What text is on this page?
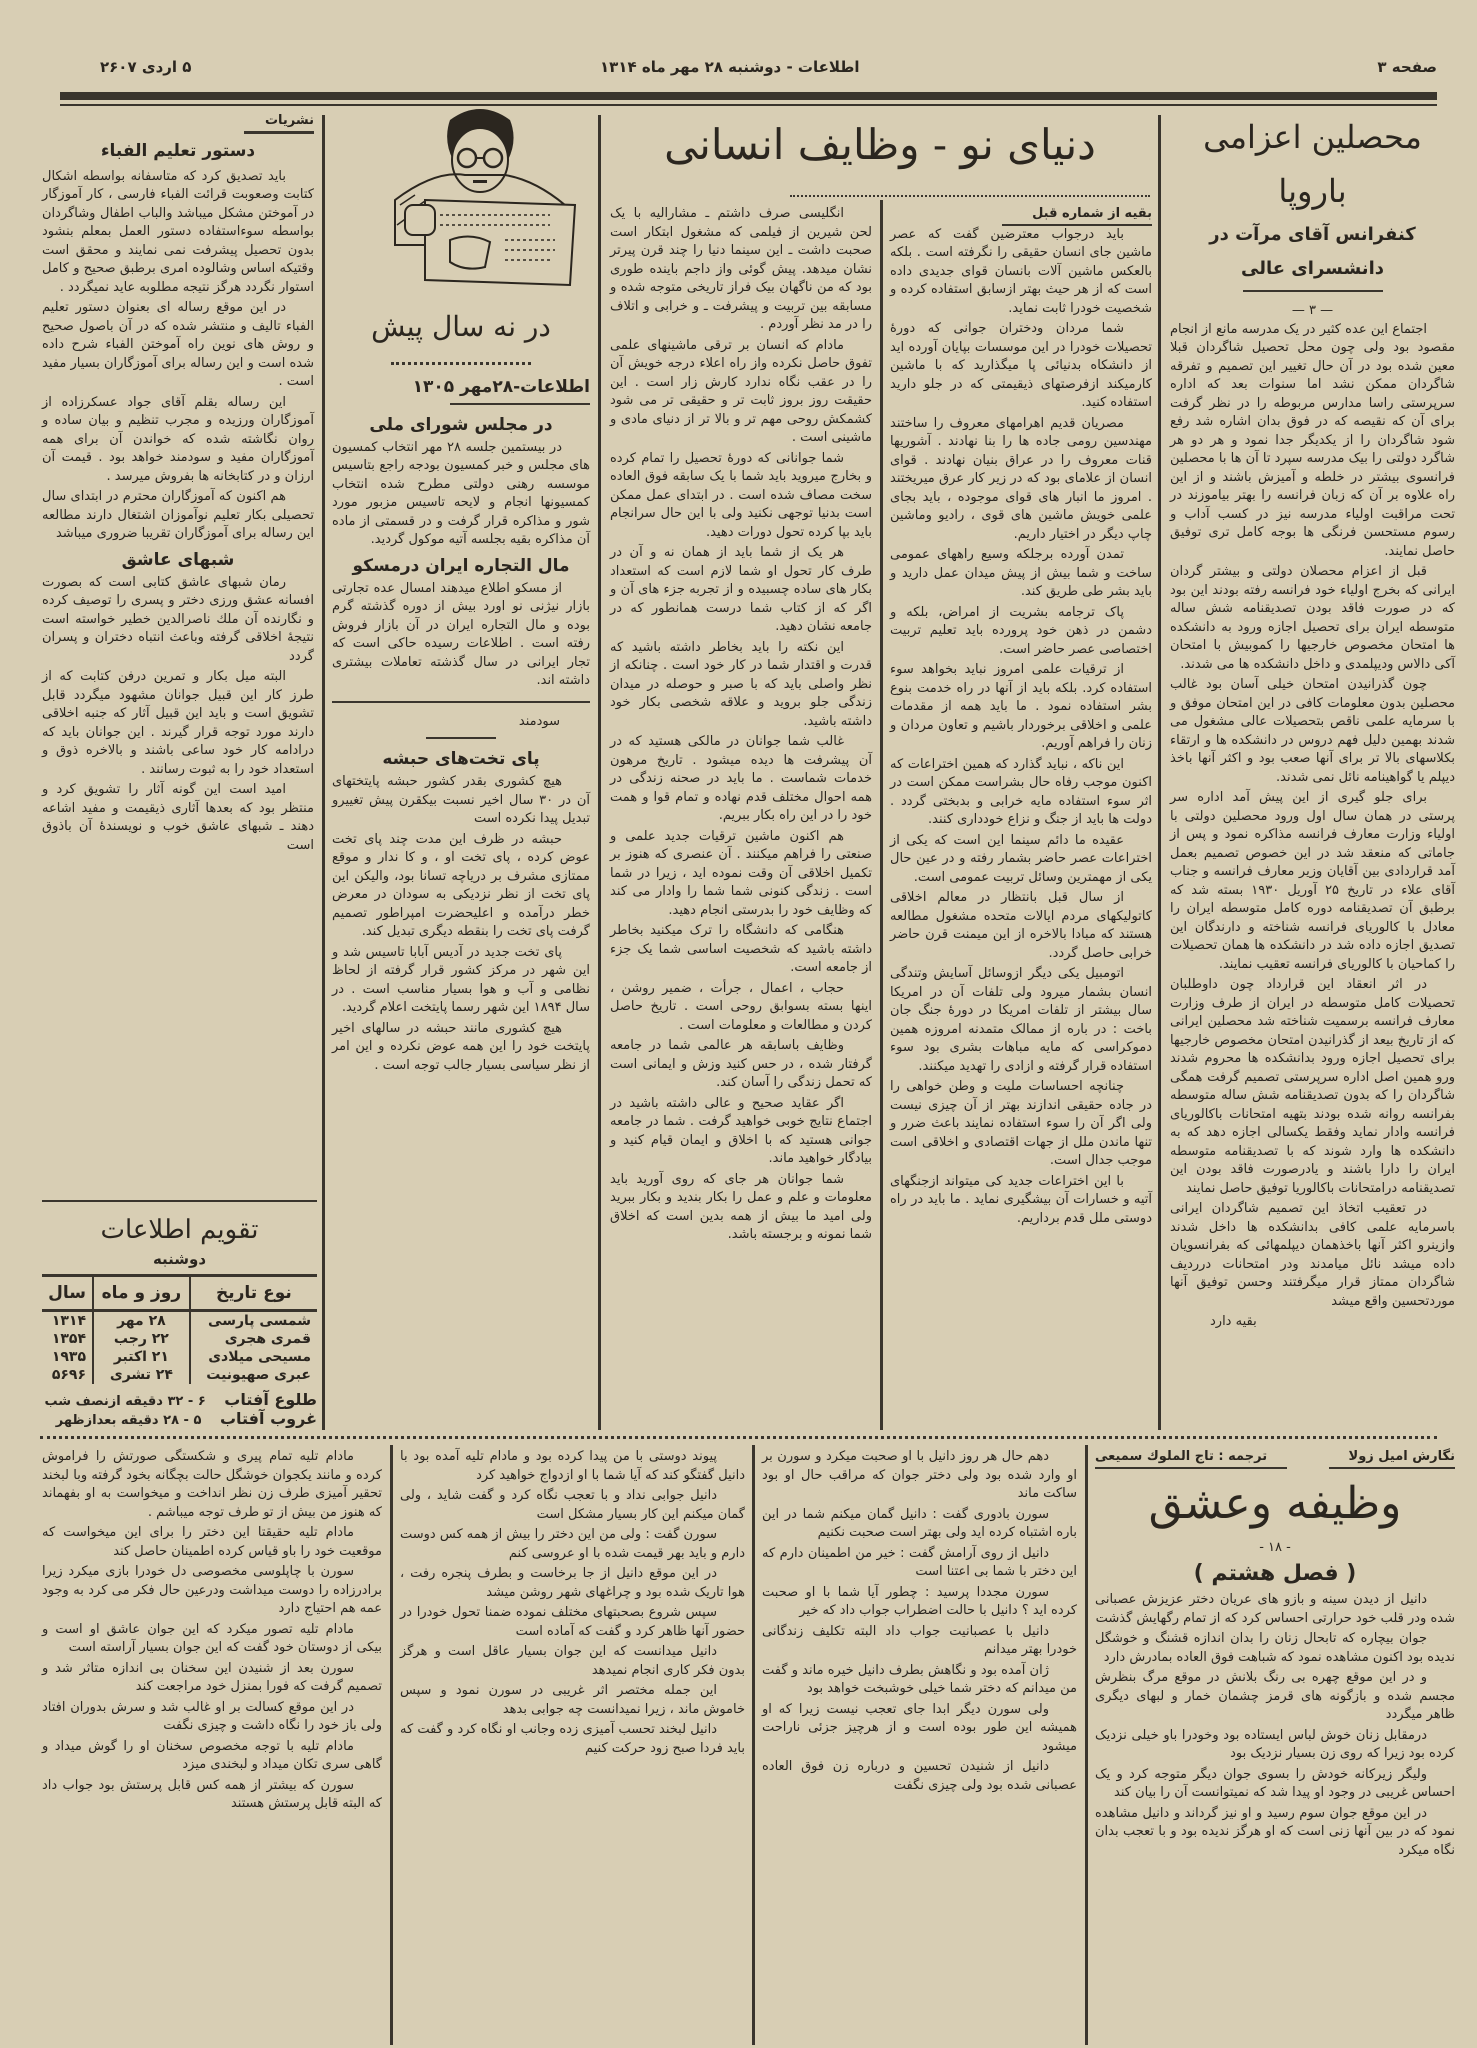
صفحه ۳
اطلاعات - دوشنبه ۲۸ مهر ماه ۱۳۱۴
۵ اردی ۲۶۰۷
محصلین اعزامی باروپا
کنفرانس آقای مرآت در دانشسرای عالی
— ۳ —

اجتماع این عده کثیر در یک مدرسه مانع از انجام مقصود بود ولی چون محل تحصیل شاگردان قبلا معین شده بود در آن حال تغییر این تصمیم و تفرقه شاگردان ممکن نشد اما سنوات بعد که اداره سرپرستی راسا مدارس مربوطه را در نظر گرفت برای آن که نقیصه که در فوق بدان اشاره شد رفع شود شاگردان را از یکدیگر جدا نمود و هر دو هر شاگرد دولتی را بیک مدرسه سپرد تا آن ها با محصلین فرانسوی بیشتر در خلطه و آمیزش باشند و از این راه علاوه بر آن که زبان فرانسه را بهتر بیاموزند در تحت مراقبت اولیاء مدرسه نیز در کسب آداب و رسوم مستحسن فرنگی ها بوجه کامل تری توفیق حاصل نمایند.

قبل از اعزام محصلان دولتی و بیشتر گردان ایرانی که بخرج اولیاء خود فرانسه رفته بودند این بود که در صورت فاقد بودن تصدیقنامه شش ساله متوسطه ایران برای تحصیل اجازه ورود به دانشکده ها امتحان مخصوص خارجیها را کموبیش با امتحان آکی دالاس ودیپلمدی و داخل دانشکده ها می شدند.

چون گذرانیدن امتحان خیلی آسان بود غالب محصلین بدون معلومات کافی در این امتحان موفق و با سرمایه علمی ناقص بتحصیلات عالی مشغول می شدند بهمین دلیل فهم دروس در دانشکده ها و ارتقاء بکلاسهای بالا تر برای آنها صعب بود و اکثر آنها باخذ دیپلم یا گواهینامه نائل نمی شدند.

برای جلو گیری از این پیش آمد اداره سر پرستی در همان سال اول ورود محصلین دولتی با اولیاء وزارت معارف فرانسه مذاکره نمود و پس از جاماتی که منعقد شد در این خصوص تصمیم بعمل آمد قراردادی بین آقایان وزیر معارف فرانسه و جناب آقای علاء در تاریخ ۲۵ آوریل ۱۹۳۰ بسته شد که برطبق آن تصدیقنامه دوره کامل متوسطه ایران را معادل با کالوریای فرانسه شناخته و دارندگان این تصدیق اجازه داده شد در دانشکده ها همان تحصیلات را کماحیان با کالوریای فرانسه تعقیب نمایند.

در اثر انعقاد این قرارداد چون داوطلبان تحصیلات کامل متوسطه در ایران از طرف وزارت معارف فرانسه برسمیت شناخته شد محصلین ایرانی که از تاریخ بیعد از گذرانیدن امتحان مخصوص خارجیها برای تحصیل اجازه ورود بدانشکده ها محروم شدند ورو همین اصل اداره سرپرستی تصمیم گرفت همگی شاگردان را که بدون تصدیقنامه شش ساله متوسطه بفرانسه روانه شده بودند بتهیه امتحانات باکالوریای فرانسه وادار نماید وفقط یکسالی اجازه دهد که به دانشکده ها وارد شوند که با تصدیقنامه متوسطه ایران را دارا باشند و یادرصورت فاقد بودن این تصدیقنامه درامتحانات باکالوریا توفیق حاصل نمایند

در تعقیب اتخاذ این تصمیم شاگردان ایرانی باسرمایه علمی کافی بدانشکده ها داخل شدند وازینرو اکثر آنها باخذهمان دیپلمهائی که بفرانسویان داده میشد نائل میامدند ودر امتحانات درردیف شاگردان ممتاز قرار میگرفتند وحسن توفیق آنها موردتحسین واقع میشد

بقیه دارد
دنیای نو - وظایف انسانی
بقیه از شماره قبل

باید درجواب معترضین گفت که عصر ماشین جای انسان حقیقی را نگرفته است . بلکه بالعکس ماشین آلات بانسان قوای جدیدی داده است که از هر حیث بهتر ازسابق استفاده کرده و شخصیت خودرا ثابت نماید.

شما مردان ودختران جوانی که دورهٔ تحصیلات خودرا در این موسسات بپایان آورده اید از دانشکاه بدنیائی پا میگذارید که با ماشین کارمیکند ازفرصتهای ذیقیمتی که در جلو دارید استفاده کنید.

مصریان قدیم اهرامهای معروف را ساختند مهندسین رومی جاده ها را بنا نهادند . آشوریها قنات معروف را در عراق بنیان نهادند . قوای انسان از علامای بود که در زیر کار عرق میریختند . امروز ما انبار های قوای موجوده ، باید بجای علمی خویش ماشین های قوی ، رادیو وماشین چاپ دیگر در اختیار داریم.

تمدن آورده برجلکه وسیع راههای عمومی ساخت و شما بیش از پیش میدان عمل دارید و باید بشر طی طریق کند.

پاک ترجامه بشریت از امراض، بلکه و دشمن در ذهن خود پرورده باید تعلیم تربیت اختصاصی عصر حاضر است.

از ترقیات علمی امروز نباید بخواهد سوء استفاده کرد. بلکه باید از آنها در راه خدمت بنوع بشر استفاده نمود . ما باید همه از مقدمات علمی و اخلاقی برخوردار باشیم و تعاون مردان و زنان را فراهم آوریم.

این ناکه ، نباید گذارد که همین اختراعات که اکنون موجب رفاه حال بشراست ممکن است در اثر سوء استفاده مایه خرابی و بدبختی گردد . دولت ها باید از جنگ و نزاع خودداری کنند.

عقیده ما دائم سینما این است که یکی از اختراعات عصر حاضر بشمار رفته و در عین حال یکی از مهمترین وسائل تربیت عمومی است.

از سال قبل بانتظار در معالم اخلاقی کاتولیکهای مردم ایالات متحده مشغول مطالعه هستند که مبادا بالاخره از این میمنت قرن حاضر خرابی حاصل گردد.

اتومبیل یکی دیگر ازوسائل آسایش وتندگی انسان بشمار میرود ولی تلفات آن در امریکا سال بیشتر از تلفات امریکا در دورهٔ جنگ جان باخت : در باره از ممالک متمدنه امروزه همین دموکراسی که مایه مباهات بشری بود سوء استفاده قرار گرفته و ازادی را تهدید میکنند.

چنانچه احساسات ملیت و وطن خواهی را در جاده حقیقی اندازند بهتر از آن چیزی نیست ولی اگر آن را سوء استفاده نمایند باعث ضرر و تنها ماندن ملل از جهات اقتصادی و اخلاقی است موجب جدال است.

با این اختراعات جدید کی میتواند ازجنگهای آتیه و خسارات آن بیشگیری نماید . ما باید در راه دوستی ملل قدم برداریم.

انگلیسی صرف داشتم ـ مشارالیه با یک لحن شیرین از فیلمی که مشغول ابتکار است صحبت داشت ـ این سینما دنیا را چند قرن پیرتر نشان میدهد. پیش گوئی واز داجم باینده طوری بود که من ناگهان بیک فراز تاریخی متوجه شده و مسابقه بین تربیت و پیشرفت ـ و خرابی و اتلاف را در مد نظر آوردم .

مادام که انسان بر ترقی ماشینهای علمی تفوق حاصل نکرده واز راه اعلاء درجه خویش آن را در عقب نگاه ندارد کارش زار است . این حقیقت روز بروز ثابت تر و حقیقی تر می شود کشمکش روحی مهم تر و بالا تر از دنیای مادی و ماشینی است .

شما جوانانی که دورهٔ تحصیل را تمام کرده و بخارج میروید باید شما با یک سابقه فوق العاده سخت مصاف شده است . در ابتدای عمل ممکن است بدنیا توجهی نکنید ولی با این حال سرانجام باید بپا کرده تحول دورات دهید.

هر یک از شما باید از همان نه و آن در طرف کار تحول او شما لازم است که استعداد بکار های ساده چسبیده و از تجربه جزء های آن و اگر که از کتاب شما درست همانطور که در جامعه نشان دهید.

این نکته را باید بخاطر داشته باشید که قدرت و اقتدار شما در کار خود است . چنانکه از نظر واصلی باید که با صبر و حوصله در میدان زندگی جلو بروید و علاقه شخصی بکار خود داشته باشید.

غالب شما جوانان در مالکی هستید که در آن پیشرفت ها دیده میشود . تاریخ مرهون خدمات شماست . ما باید در صحنه زندگی در همه احوال مختلف قدم نهاده و تمام قوا و همت خود را در این راه بکار ببریم.

هم اکنون ماشین ترقیات جدید علمی و صنعتی را فراهم میکنند . آن عنصری که هنوز بر تکمیل اخلاقی آن وقت نموده اید ، زیرا در شما است . زندگی کنونی شما شما را وادار می کند که وظایف خود را بدرستی انجام دهید.

هنگامی که دانشگاه را ترک میکنید بخاطر داشته باشید که شخصیت اساسی شما یک جزء از جامعه است.

حجاب ، اعمال ، جرأت ، ضمیر روشن ، اینها بسته بسوابق روحی است . تاریخ حاصل کردن و مطالعات و معلومات است .

وظایف باسابقه هر عالمی شما در جامعه گرفتار شده ، در حس کنید وزش و ایمانی است که تحمل زندگی را آسان کند.

اگر عقاید صحیح و عالی داشته باشید در اجتماع نتایج خوبی خواهید گرفت . شما در جامعه جوانی هستید که با اخلاق و ایمان قیام کنید و بیادگار خواهید ماند.

شما جوانان هر جای که روی آورید باید معلومات و علم و عمل را بکار بندید و بکار ببرید ولی امید ما بیش از همه بدین است که اخلاق شما نمونه و برجسته باشد.

در نه سال پیش
اطلاعات-۲۸مهر ۱۳۰۵
در مجلس شورای ملی

در بیستمین جلسه ۲۸ مهر انتخاب کمسیون های مجلس و خبر کمسیون بودجه راجع بتاسیس موسسه رهنی دولتی مطرح شده انتخاب کمسیونها انجام و لایحه تاسیس مزبور مورد شور و مذاکره قرار گرفت و در قسمتی از ماده آن مذاکره بقیه بجلسه آتیه موکول گردید.

مال التجاره ایران درمسکو

از مسکو اطلاع میدهند امسال عده تجارتی بازار نیژنی نو اورد بیش از دوره گذشته گرم بوده و مال التجاره ایران در آن بازار فروش رفته است . اطلاعات رسیده حاکی است که تجار ایرانی در سال گذشته تعاملات بیشتری داشته اند.

سودمند
پای تخت‌های حبشه

هیچ کشوری بقدر کشور حبشه پایتختهای آن در ۳۰ سال اخیر نسبت بیکقرن پیش تغییرو تبدیل پیدا نکرده است

حبشه در ظرف این مدت چند پای تخت عوض کرده ، پای تخت او ، و کا ندار و موقع ممتازی مشرف بر دریاچه تسانا بود، والیکن این پای تخت از نظر نزدیکی به سودان در معرض خطر درآمده و اعلیحضرت امپراطور تصمیم گرفت پای تخت را بنقطه دیگری تبدیل کند.

پای تخت جدید در آدیس آبابا تاسیس شد و این شهر در مرکز کشور قرار گرفته از لحاظ نظامی و آب و هوا بسیار مناسب است . در سال ۱۸۹۴ این شهر رسما پایتخت اعلام گردید.

هیچ کشوری مانند حبشه در سالهای اخیر پایتخت خود را این همه عوض نکرده و این امر از نظر سیاسی بسیار جالب توجه است .

نشریات
دستور تعلیم الفباء

باید تصدیق کرد که متاسفانه بواسطه اشکال کتابت وصعوبت قرائت الفباء فارسی ، کار آموزگار در آموختن مشکل میباشد والباب اطفال وشاگردان بواسطه سوءاستفاده دستور العمل بمعلم بنشود بدون تحصیل پیشرفت نمی نمایند و محقق است وقتیکه اساس وشالوده امری برطبق صحیح و کامل استوار نگردد هرگز نتیجه مطلوبه عاید نمیگردد .

در این موقع رساله ای بعنوان دستور تعلیم الفباء تالیف و منتشر شده که در آن باصول صحیح و روش های نوین راه آموختن الفباء شرح داده شده است و این رساله برای آموزگاران بسیار مفید است .

این رساله بقلم آقای جواد عسکرزاده از آموزگاران ورزیده و مجرب تنظیم و بیان ساده و روان نگاشته شده که خواندن آن برای همه آموزگاران مفید و سودمند خواهد بود . قیمت آن ارزان و در کتابخانه ها بفروش میرسد .

هم اکنون که آموزگاران محترم در ابتدای سال تحصیلی بکار تعلیم نوآموزان اشتغال دارند مطالعه این رساله برای آموزگاران تقریبا ضروری میباشد

شبهای عاشق

رمان شبهای عاشق کتابی است که بصورت افسانه عشق ورزی دختر و پسری را توصیف کرده و نگارنده آن ملك ناصرالدین خطیر خواسته است نتیجهٔ اخلاقی گرفته وباعث انتباه دختران و پسران گردد

البته میل بکار و تمرین درفن کتابت که از طرز کار این قبیل جوانان مشهود میگردد قابل تشویق است و باید این قبیل آثار که جنبه اخلاقی دارند مورد توجه قرار گیرند . این جوانان باید که درادامه کار خود ساعی باشند و بالاخره ذوق و استعداد خود را به ثبوت رسانند .

امید است این گونه آثار را تشویق کرد و منتظر بود که بعدها آثاری ذیقیمت و مفید اشاعه دهند ـ شبهای عاشق خوب و نویسندهٔ آن باذوق است

تقویم اطلاعات
دوشنبه
نوع تاریخ	روز و ماه	سال
شمسی پارسی	۲۸ مهر	۱۳۱۴
قمری هجری	۲۲ رجب	۱۳۵۴
مسیحی میلادی	۲۱ اکتبر	۱۹۳۵
عبری صهیونیت	۲۴ تشری	۵۶۹۶
طلوع آفتاب ۶ - ۳۲ دقیقه ازنصف شب
غروب آفتاب ۵ - ۲۸ دقیقه بعدازظهر
نگارش امیل زولا
ترجمه : تاج الملوك سمیعی
وظیفه وعشق
- ۱۸ -
( فصل هشتم )

دانیل از دیدن سینه و بازو های عریان دختر عزیزش عصبانی شده ودر قلب خود حرارتی احساس کرد که از تمام رگهایش گذشت

جوان بیچاره که تابحال زنان را بدان اندازه قشنگ و خوشگل ندیده بود اکنون مشاهده نمود که شباهت فوق العاده بمادرش دارد

و در این موقع چهره بی رنگ بلانش در موقع مرگ بنظرش مجسم شده و بازگونه های قرمز چشمان خمار و لبهای دیگری ظاهر میگردد

درمقابل زنان خوش لباس ایستاده بود وخودرا باو خیلی نزدیک کرده بود زیرا که روی زن بسیار نزدیک بود

ولیگر زیرکانه خودش را بسوی جوان دیگر متوجه کرد و یک احساس غریبی در وجود او پیدا شد که نمیتوانست آن را بیان کند

در این موقع جوان سوم رسید و او نیز گرداند و دانیل مشاهده نمود که در بین آنها زنی است که او هرگز ندیده بود و با تعجب بدان نگاه میکرد

دهم حال هر روز دانیل با او صحبت میکرد و سورن بر او وارد شده بود ولی دختر جوان که مراقب حال او بود ساکت ماند

سورن بادوری گفت : دانیل گمان میکنم شما در این باره اشتباه کرده اید ولی بهتر است صحبت نکنیم

دانیل از روی آرامش گفت : خیر من اطمینان دارم که این دختر با شما بی اعتنا است

سورن مجددا پرسید : چطور آیا شما با او صحبت کرده اید ؟ دانیل با حالت اضطراب جواب داد که خیر

دانیل با عصبانیت جواب داد البته تکلیف زندگانی خودرا بهتر میدانم

ژان آمده بود و نگاهش بطرف دانیل خیره ماند و گفت من میدانم که دختر شما خیلی خوشبخت خواهد بود

ولی سورن دیگر ابدا جای تعجب نیست زیرا که او همیشه این طور بوده است و از هرچیز جزئی ناراحت میشود

دانیل از شنیدن تحسین و درباره زن فوق العاده عصبانی شده بود ولی چیزی نگفت

پیوند دوستی با من پیدا کرده بود و مادام تلیه آمده بود با دانیل گفتگو کند که آیا شما با او ازدواج خواهید کرد

دانیل جوابی نداد و با تعجب نگاه کرد و گفت شاید ، ولی گمان میکنم این کار بسیار مشکل است

سورن گفت : ولی من این دختر را بیش از همه کس دوست دارم و باید بهر قیمت شده با او عروسی کنم

در این موقع دانیل از جا برخاست و بطرف پنجره رفت ، هوا تاریک شده بود و چراغهای شهر روشن میشد

سپس شروع بصحبتهای مختلف نموده ضمنا تحول خودرا در حضور آنها ظاهر کرد و گفت که آماده است

دانیل میدانست که این جوان بسیار عاقل است و هرگز بدون فکر کاری انجام نمیدهد

این جمله مختصر اثر غریبی در سورن نمود و سپس خاموش ماند ، زیرا نمیدانست چه جوابی بدهد

دانیل لبخند تحسب آمیزی زده وجانب او نگاه کرد و گفت که باید فردا صبح زود حرکت کنیم

مادام تلیه تمام پیری و شکستگی صورتش را فراموش کرده و مانند یکجوان خوشگل حالت بچگانه بخود گرفته وبا لبخند تحقیر آمیزی طرف زن نظر انداخت و میخواست به او بفهماند که هنوز من بیش از تو طرف توجه میباشم .

مادام تلیه حقیقتا این دختر را برای این میخواست که موقعیت خود را باو قیاس کرده اطمینان حاصل کند

سورن با چاپلوسی مخصوصی دل خودرا بازی میکرد زیرا برادرزاده را دوست میداشت ودرعین حال فکر می کرد به وجود عمه هم احتیاج دارد

مادام تلیه تصور میکرد که این جوان عاشق او است و بیکی از دوستان خود گفت که این جوان بسیار آراسته است

سورن بعد از شنیدن این سخنان بی اندازه متاثر شد و تصمیم گرفت که فورا بمنزل خود مراجعت کند

در این موقع کسالت بر او غالب شد و سرش بدوران افتاد ولی باز خود را نگاه داشت و چیزی نگفت

مادام تلیه با توجه مخصوص سخنان او را گوش میداد و گاهی سری تکان میداد و لبخندی میزد

سورن که بیشتر از همه کس قابل پرستش بود جواب داد که البته قابل پرستش هستند
